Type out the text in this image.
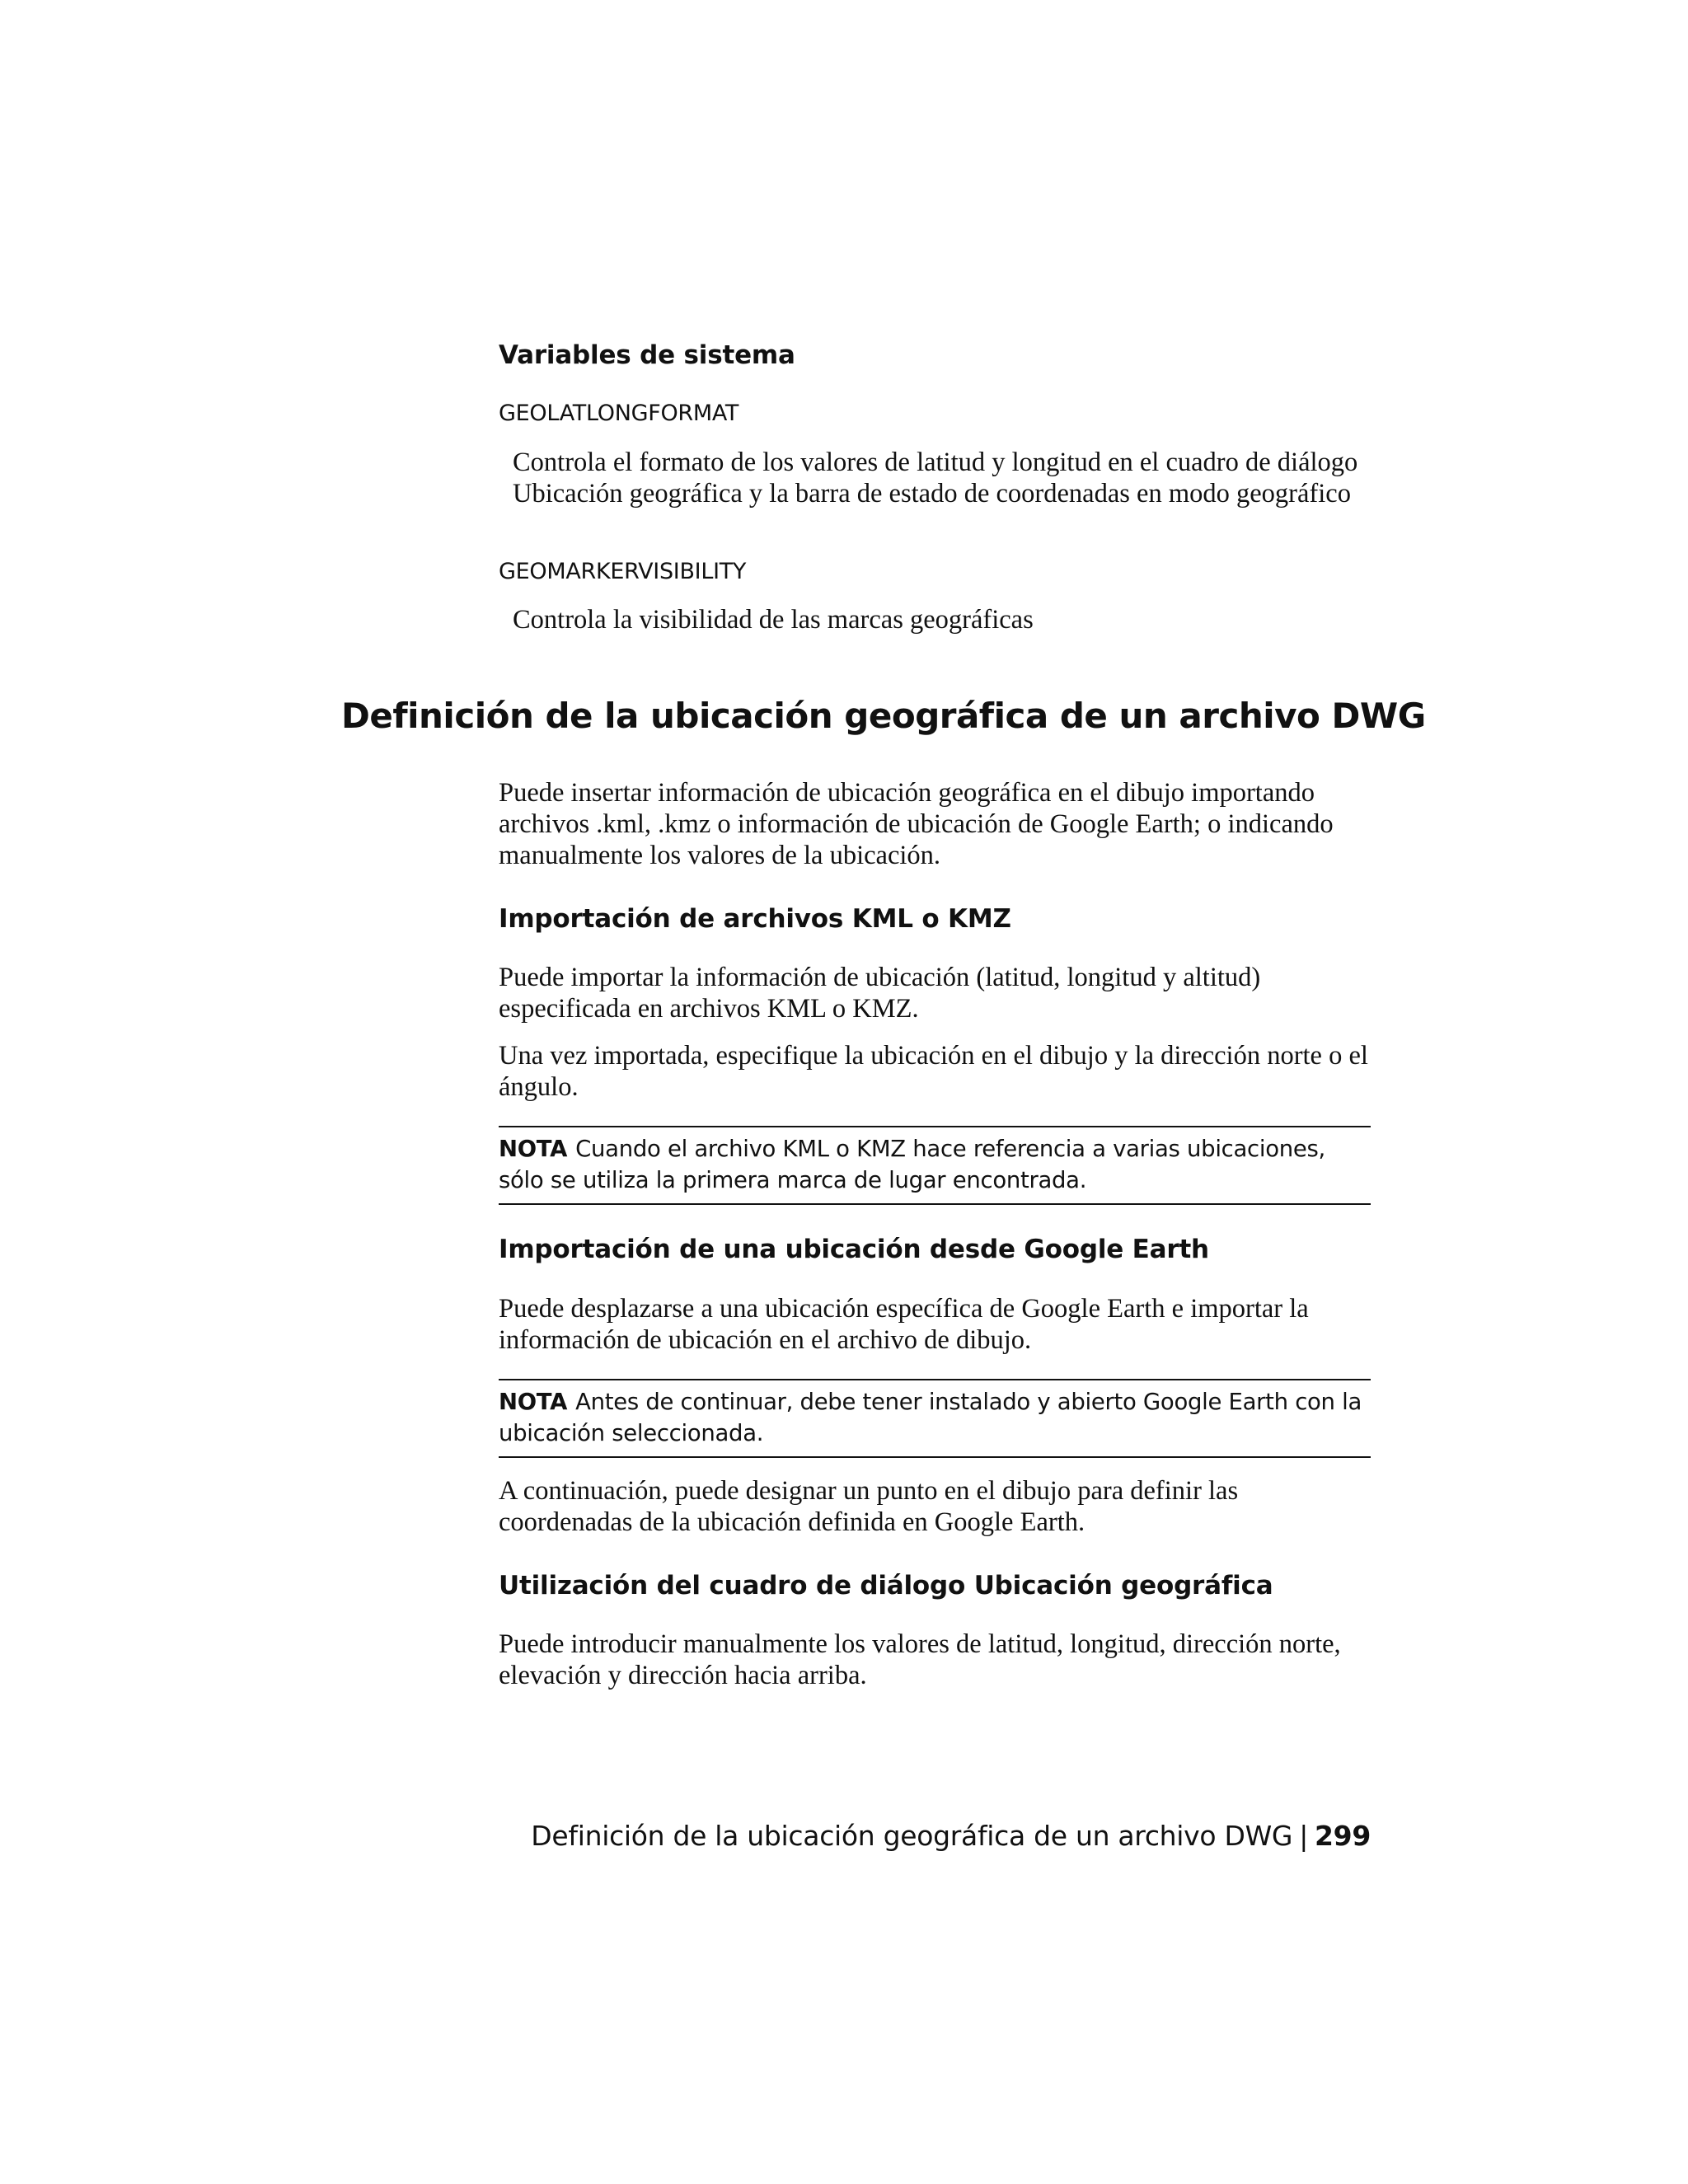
Variables de sistema
GEOLATLONGFORMAT

Controla el formato de los valores de latitud y longitud en el cuadro de diálogo Ubicación geográfica y la barra de estado de coordenadas en modo geográfico

GEOMARKERVISIBILITY

Controla la visibilidad de las marcas geográficas

Definición de la ubicación geográfica de un archivo DWG

Puede insertar información de ubicación geográfica en el dibujo importando archivos .kml, .kmz o información de ubicación de Google Earth; o indicando manualmente los valores de la ubicación.

Importación de archivos KML o KMZ

Puede importar la información de ubicación (latitud, longitud y altitud) especificada en archivos KML o KMZ.

Una vez importada, especifique la ubicación en el dibujo y la dirección norte o el ángulo.

NOTA Cuando el archivo KML o KMZ hace referencia a varias ubicaciones, sólo se utiliza la primera marca de lugar encontrada.
Importación de una ubicación desde Google Earth

Puede desplazarse a una ubicación específica de Google Earth e importar la información de ubicación en el archivo de dibujo.

NOTA Antes de continuar, debe tener instalado y abierto Google Earth con la ubicación seleccionada.

A continuación, puede designar un punto en el dibujo para definir las coordenadas de la ubicación definida en Google Earth.

Utilización del cuadro de diálogo Ubicación geográfica

Puede introducir manualmente los valores de latitud, longitud, dirección norte, elevación y dirección hacia arriba.

Definición de la ubicación geográfica de un archivo DWG | 299
